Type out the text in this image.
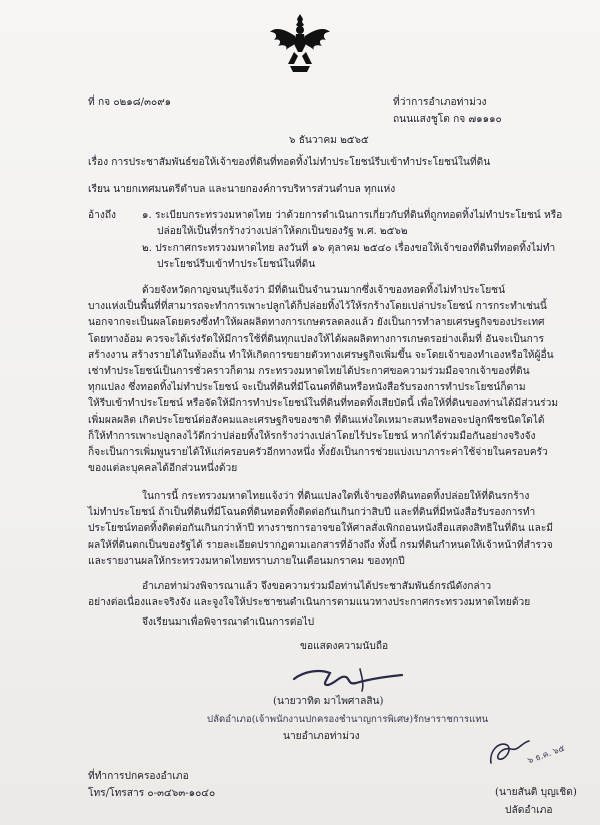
ที่ กจ ๐๒๑๘/๓๐๙๑	ที่ว่าการอำเภอท่าม่วง
ถนนแสงชูโต กจ ๗๑๑๑๐
๖ ธันวาคม ๒๕๖๕
เรื่อง การประชาสัมพันธ์ขอให้เจ้าของที่ดินที่ทอดทิ้งไม่ทำประโยชน์รีบเข้าทำประโยชน์ในที่ดิน
เรียน นายกเทศมนตรีตำบล และนายกองค์การบริหารส่วนตำบล ทุกแห่ง
อ้างถึง	๑. ระเบียบกระทรวงมหาดไทย ว่าด้วยการดำเนินการเกี่ยวกับที่ดินที่ถูกทอดทิ้งไม่ทำประโยชน์ หรือ
ปล่อยให้เป็นที่รกร้างว่างเปล่าให้ตกเป็นของรัฐ พ.ศ. ๒๕๖๒
๒. ประกาศกระทรวงมหาดไทย ลงวันที่ ๑๖ ตุลาคม ๒๕๔๐ เรื่องขอให้เจ้าของที่ดินที่ทอดทิ้งไม่ทำ
ประโยชน์รีบเข้าทำประโยชน์ในที่ดิน
ด้วยจังหวัดกาญจนบุรีแจ้งว่า มีที่ดินเป็นจำนวนมากซึ่งเจ้าของทอดทิ้งไม่ทำประโยชน์
บางแห่งเป็นพื้นที่ที่สามารถจะทำการเพาะปลูกได้ก็ปล่อยทิ้งไว้ให้รกร้างโดยเปล่าประโยชน์ การกระทำเช่นนี้
นอกจากจะเป็นผลโดยตรงซึ่งทำให้ผลผลิตทางการเกษตรลดลงแล้ว ยังเป็นการทำลายเศรษฐกิจของประเทศ
โดยทางอ้อม ควรจะได้เร่งรัดให้มีการใช้ที่ดินทุกแปลงให้ได้ผลผลิตทางการเกษตรอย่างเต็มที่ อันจะเป็นการ
สร้างงาน สร้างรายได้ในท้องถิ่น ทำให้เกิดการขยายตัวทางเศรษฐกิจเพิ่มขึ้น จะโดยเจ้าของทำเองหรือให้ผู้อื่น
เช่าทำประโยชน์เป็นการชั่วคราวก็ตาม กระทรวงมหาดไทยได้ประกาศขอความร่วมมือจากเจ้าของที่ดิน
ทุกแปลง ซึ่งทอดทิ้งไม่ทำประโยชน์ จะเป็นที่ดินที่มีโฉนดที่ดินหรือหนังสือรับรองการทำประโยชน์ก็ตาม
ให้รีบเข้าทำประโยชน์ หรือจัดให้มีการทำประโยชน์ในที่ดินที่ทอดทิ้งเสียบัดนี้ เพื่อให้ที่ดินของท่านได้มีส่วนร่วม
เพิ่มผลผลิต เกิดประโยชน์ต่อสังคมและเศรษฐกิจของชาติ ที่ดินแห่งใดเหมาะสมหรือพอจะปลูกพืชชนิดใดได้
ก็ให้ทำการเพาะปลูกลงไว้ดีกว่าปล่อยทิ้งให้รกร้างว่างเปล่าโดยไร้ประโยชน์ หากได้ร่วมมือกันอย่างจริงจัง
ก็จะเป็นการเพิ่มพูนรายได้ให้แก่ครอบครัวอีกทางหนึ่ง ทั้งยังเป็นการช่วยแบ่งเบาภาระค่าใช้จ่ายในครอบครัว
ของแต่ละบุคคลได้อีกส่วนหนึ่งด้วย
ในการนี้ กระทรวงมหาดไทยแจ้งว่า ที่ดินแปลงใดที่เจ้าของที่ดินทอดทิ้งปล่อยให้ที่ดินรกร้าง
ไม่ทำประโยชน์ ถ้าเป็นที่ดินที่มีโฉนดที่ดินทอดทิ้งติดต่อกันเกินกว่าสิบปี และที่ดินที่มีหนังสือรับรองการทำ
ประโยชน์ทอดทิ้งติดต่อกันเกินกว่าห้าปี ทางราชการอาจขอให้ศาลสั่งเพิกถอนหนังสือแสดงสิทธิในที่ดิน และมี
ผลให้ที่ดินตกเป็นของรัฐได้ รายละเอียดปรากฏตามเอกสารที่อ้างถึง ทั้งนี้ กรมที่ดินกำหนดให้เจ้าหน้าที่สำรวจ
และรายงานผลให้กระทรวงมหาดไทยทราบภายในเดือนมกราคม ของทุกปี
อำเภอท่าม่วงพิจารณาแล้ว จึงขอความร่วมมือท่านได้ประชาสัมพันธ์กรณีดังกล่าว
อย่างต่อเนื่องและจริงจัง และจูงใจให้ประชาชนดำเนินการตามแนวทางประกาศกระทรวงมหาดไทยด้วย
จึงเรียนมาเพื่อพิจารณาดำเนินการต่อไป
ขอแสดงความนับถือ
(นายวาทิต มาไพศาลสิน)
ปลัดอำเภอ(เจ้าพนักงานปกครองชำนาญการพิเศษ)รักษาราชการแทน
นายอำเภอท่าม่วง
ที่ทำการปกครองอำเภอ
โทร/โทรสาร ๐-๓๔๖๓-๑๐๔๐
๖ ธ.ค. ๖๕
(นายสันติ บุญเชิด)
ปลัดอำเภอ
